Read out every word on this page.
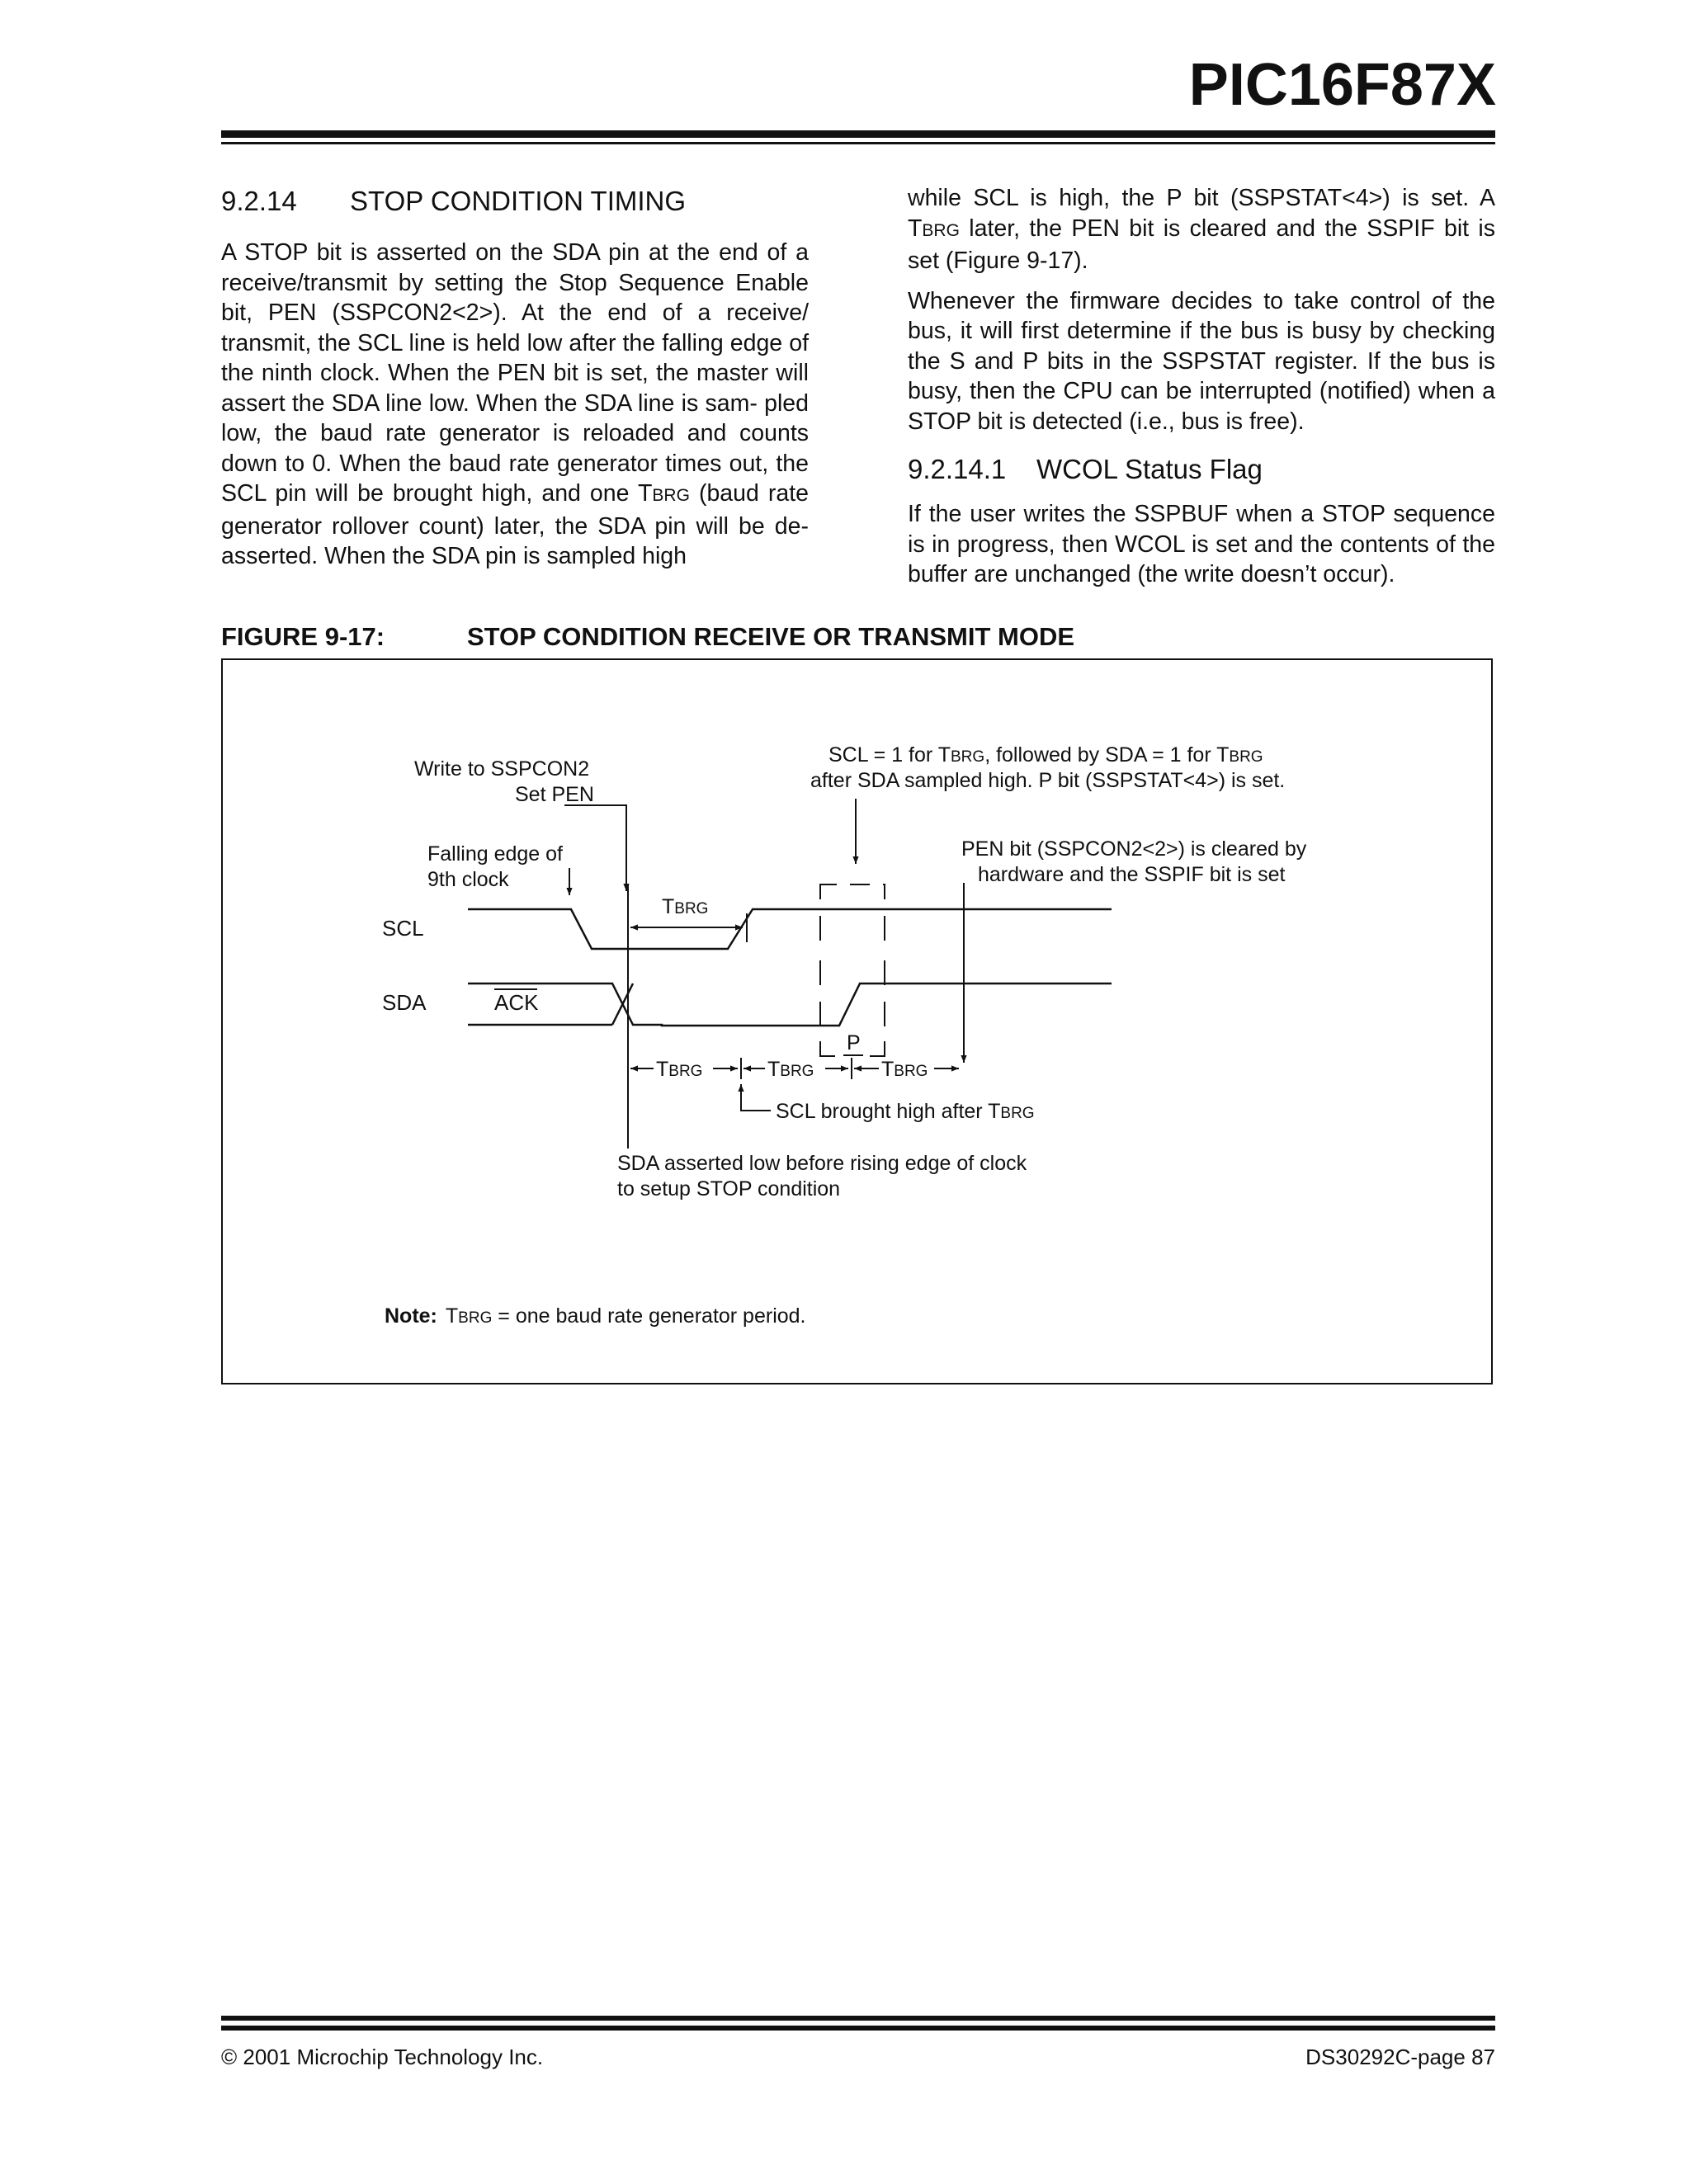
PIC16F87X
9.2.14 STOP CONDITION TIMING

A STOP bit is asserted on the SDA pin at the end of a receive/transmit by setting the Stop Sequence Enable bit, PEN (SSPCON2<2>). At the end of a receive/ transmit, the SCL line is held low after the falling edge of the ninth clock. When the PEN bit is set, the master will assert the SDA line low. When the SDA line is sam- pled low, the baud rate generator is reloaded and counts down to 0. When the baud rate generator times out, the SCL pin will be brought high, and one TBRG (baud rate generator rollover count) later, the SDA pin will be de-asserted. When the SDA pin is sampled high

while SCL is high, the P bit (SSPSTAT<4>) is set. A TBRG later, the PEN bit is cleared and the SSPIF bit is set (Figure 9-17).

Whenever the firmware decides to take control of the bus, it will first determine if the bus is busy by checking the S and P bits in the SSPSTAT register. If the bus is busy, then the CPU can be interrupted (notified) when a STOP bit is detected (i.e., bus is free).

9.2.14.1 WCOL Status Flag

If the user writes the SSPBUF when a STOP sequence is in progress, then WCOL is set and the contents of the buffer are unchanged (the write doesn’t occur).

FIGURE 9-17:	STOP CONDITION RECEIVE OR TRANSMIT MODE
Write to SSPCON2
Set PEN
Falling edge of
9th clock
SCL = 1 for TBRG, followed by SDA = 1 for TBRG
after SDA sampled high. P bit (SSPSTAT<4>) is set.
PEN bit (SSPCON2<2>) is cleared by
hardware and the SSPIF bit is set
SCL
SDA	ACK
TBRG
P
TBRG	TBRG	TBRG
SCL brought high after TBRG
SDA asserted low before rising edge of clock
to setup STOP condition
Note: TBRG = one baud rate generator period.
© 2001 Microchip Technology Inc.	DS30292C-page 87
